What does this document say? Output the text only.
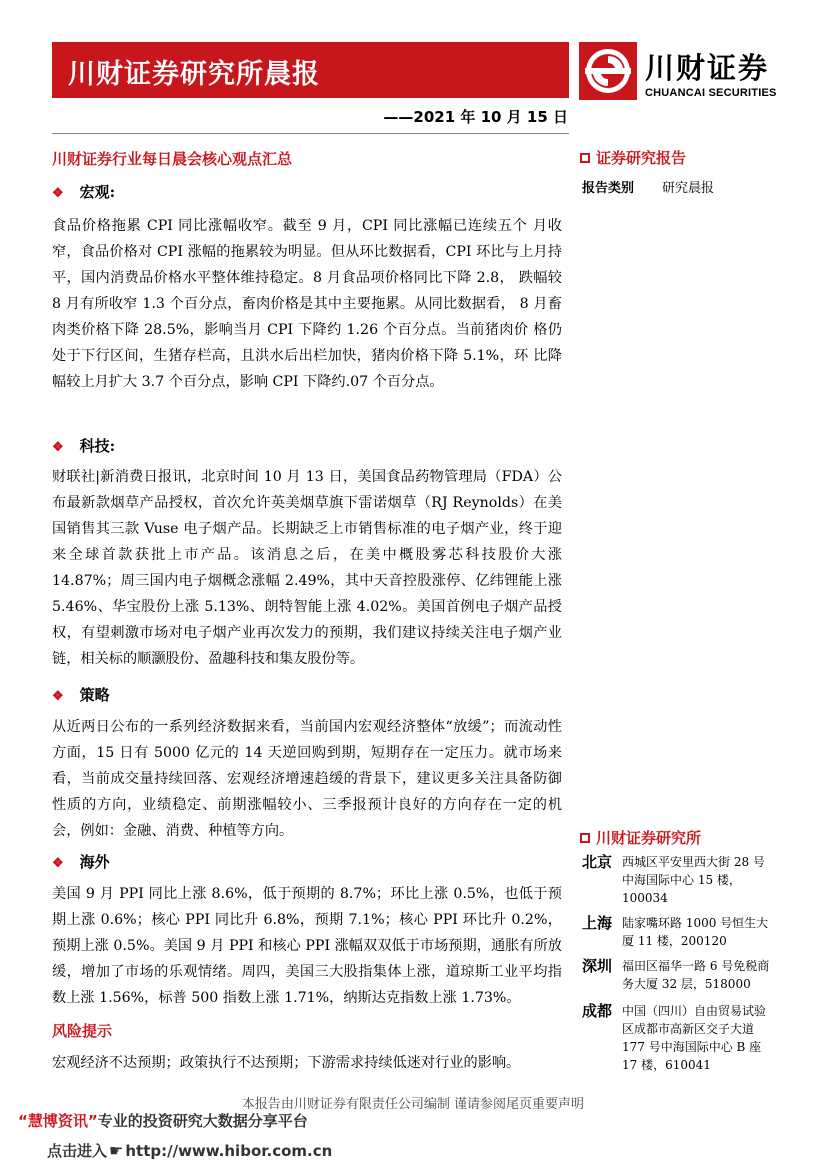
川财证券研究所晨报
——2021 年 10 月 15 日
川财证券
CHUANCAI SECURITIES
川财证券行业每日晨会核心观点汇总
❖ 宏观:

食品价格拖累 CPI 同比涨幅收窄。截至 9 月，CPI 同比涨幅已连续五个 月收窄，食品价格对 CPI 涨幅的拖累较为明显。但从环比数据看，CPI 环比与上月持平，国内消费品价格水平整体维持稳定。8 月食品项价格同比下降 2.8， 跌幅较 8 月有所收窄 1.3 个百分点，畜肉价格是其中主要拖累。从同比数据看， 8 月畜肉类价格下降 28.5%，影响当月 CPI 下降约 1.26 个百分点。当前猪肉价 格仍处于下行区间，生猪存栏高，且洪水后出栏加快，猪肉价格下降 5.1%，环 比降幅较上月扩大 3.7 个百分点，影响 CPI 下降约.07 个百分点。

❖ 科技:

财联社|新消费日报讯，北京时间 10 月 13 日，美国食品药物管理局（FDA）公布最新款烟草产品授权，首次允许英美烟草旗下雷诺烟草（RJ Reynolds）在美国销售其三款 Vuse 电子烟产品。长期缺乏上市销售标准的电子烟产业，终于迎来全球首款获批上市产品。该消息之后，在美中概股雾芯科技股价大涨 14.87%；周三国内电子烟概念涨幅 2.49%，其中天音控股涨停、亿纬锂能上涨 5.46%、华宝股份上涨 5.13%、朗特智能上涨 4.02%。美国首例电子烟产品授权，有望刺激市场对电子烟产业再次发力的预期，我们建议持续关注电子烟产业链，相关标的顺灏股份、盈趣科技和集友股份等。

❖ 策略

从近两日公布的一系列经济数据来看，当前国内宏观经济整体“放缓”；而流动性方面，15 日有 5000 亿元的 14 天逆回购到期，短期存在一定压力。就市场来看，当前成交量持续回落、宏观经济增速趋缓的背景下，建议更多关注具备防御性质的方向，业绩稳定、前期涨幅较小、三季报预计良好的方向存在一定的机会，例如：金融、消费、种植等方向。

❖ 海外

美国 9 月 PPI 同比上涨 8.6%，低于预期的 8.7%；环比上涨 0.5%，也低于预期上涨 0.6%；核心 PPI 同比升 6.8%，预期 7.1%；核心 PPI 环比升 0.2%，预期上涨 0.5%。美国 9 月 PPI 和核心 PPI 涨幅双双低于市场预期，通胀有所放缓，增加了市场的乐观情绪。周四，美国三大股指集体上涨，道琼斯工业平均指数上涨 1.56%，标普 500 指数上涨 1.71%，纳斯达克指数上涨 1.73%。

风险提示

宏观经济不达预期；政策执行不达预期；下游需求持续低迷对行业的影响。

证券研究报告
报告类别 研究晨报
川财证券研究所
北京 西城区平安里西大街 28 号中海国际中心 15 楼，100034
上海 陆家嘴环路 1000 号恒生大厦 11 楼，200120
深圳 福田区福华一路 6 号免税商务大厦 32 层，518000
成都 中国（四川）自由贸易试验区成都市高新区交子大道 177 号中海国际中心 B 座 17 楼，610041
本报告由川财证券有限责任公司编制 谨请参阅尾页重要声明
“慧博资讯”专业的投资研究大数据分享平台
点击进入 ☛ http://www.hibor.com.cn
